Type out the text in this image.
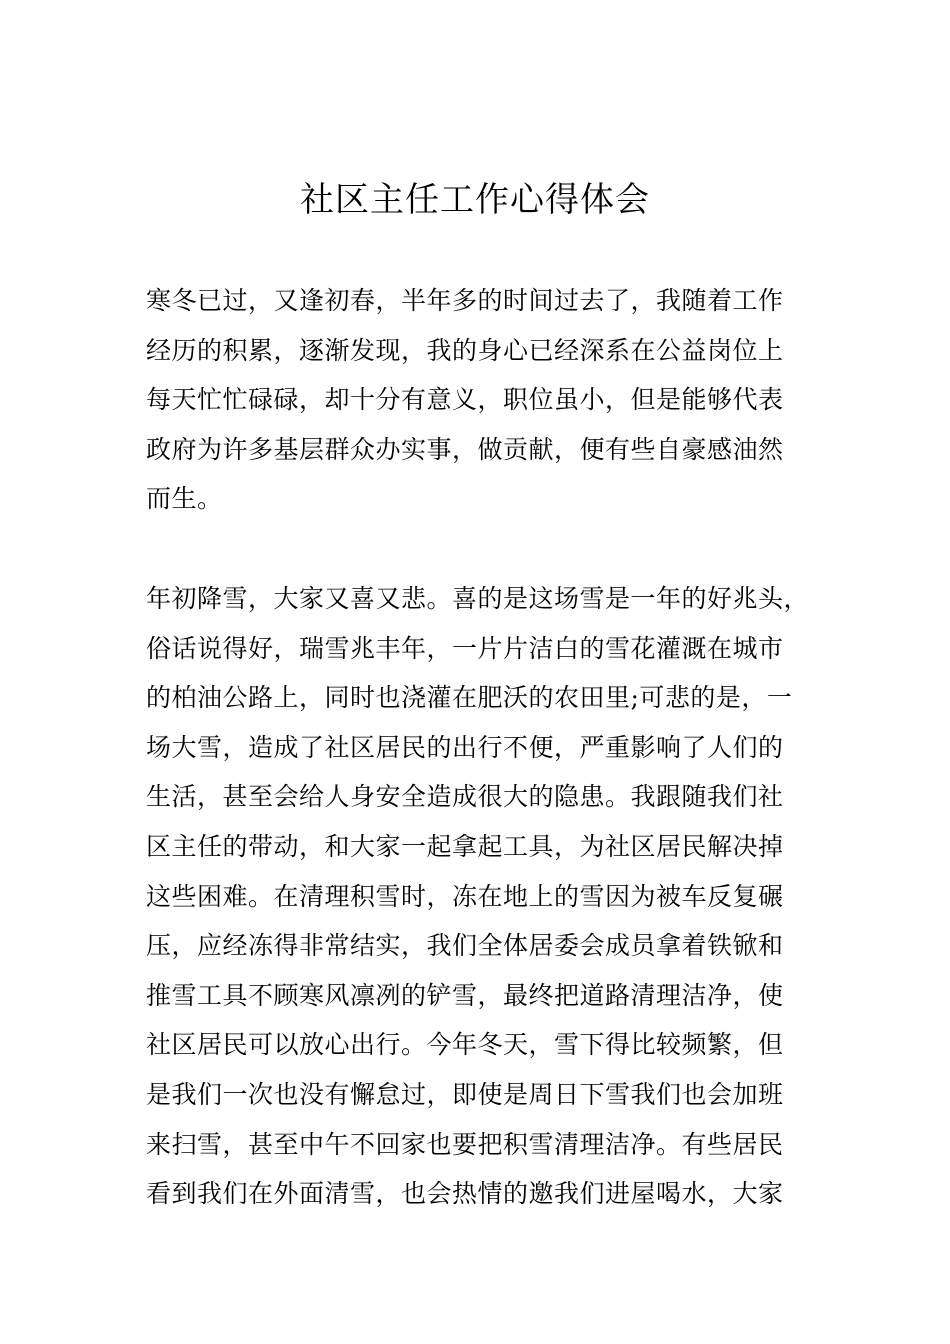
社区主任工作心得体会

寒冬已过，又逢初春，半年多的时间过去了，我随着工作
经历的积累，逐渐发现，我的身心已经深系在公益岗位上
每天忙忙碌碌，却十分有意义，职位虽小，但是能够代表
政府为许多基层群众办实事，做贡献，便有些自豪感油然
而生。

年初降雪，大家又喜又悲。喜的是这场雪是一年的好兆头，
俗话说得好，瑞雪兆丰年，一片片洁白的雪花灌溉在城市
的柏油公路上，同时也浇灌在肥沃的农田里;可悲的是，一
场大雪，造成了社区居民的出行不便，严重影响了人们的
生活，甚至会给人身安全造成很大的隐患。我跟随我们社
区主任的带动，和大家一起拿起工具，为社区居民解决掉
这些困难。在清理积雪时，冻在地上的雪因为被车反复碾
压，应经冻得非常结实，我们全体居委会成员拿着铁锨和
推雪工具不顾寒风凛冽的铲雪，最终把道路清理洁净，使
社区居民可以放心出行。今年冬天，雪下得比较频繁，但
是我们一次也没有懈怠过，即使是周日下雪我们也会加班
来扫雪，甚至中午不回家也要把积雪清理洁净。有些居民
看到我们在外面清雪，也会热情的邀我们进屋喝水，大家
